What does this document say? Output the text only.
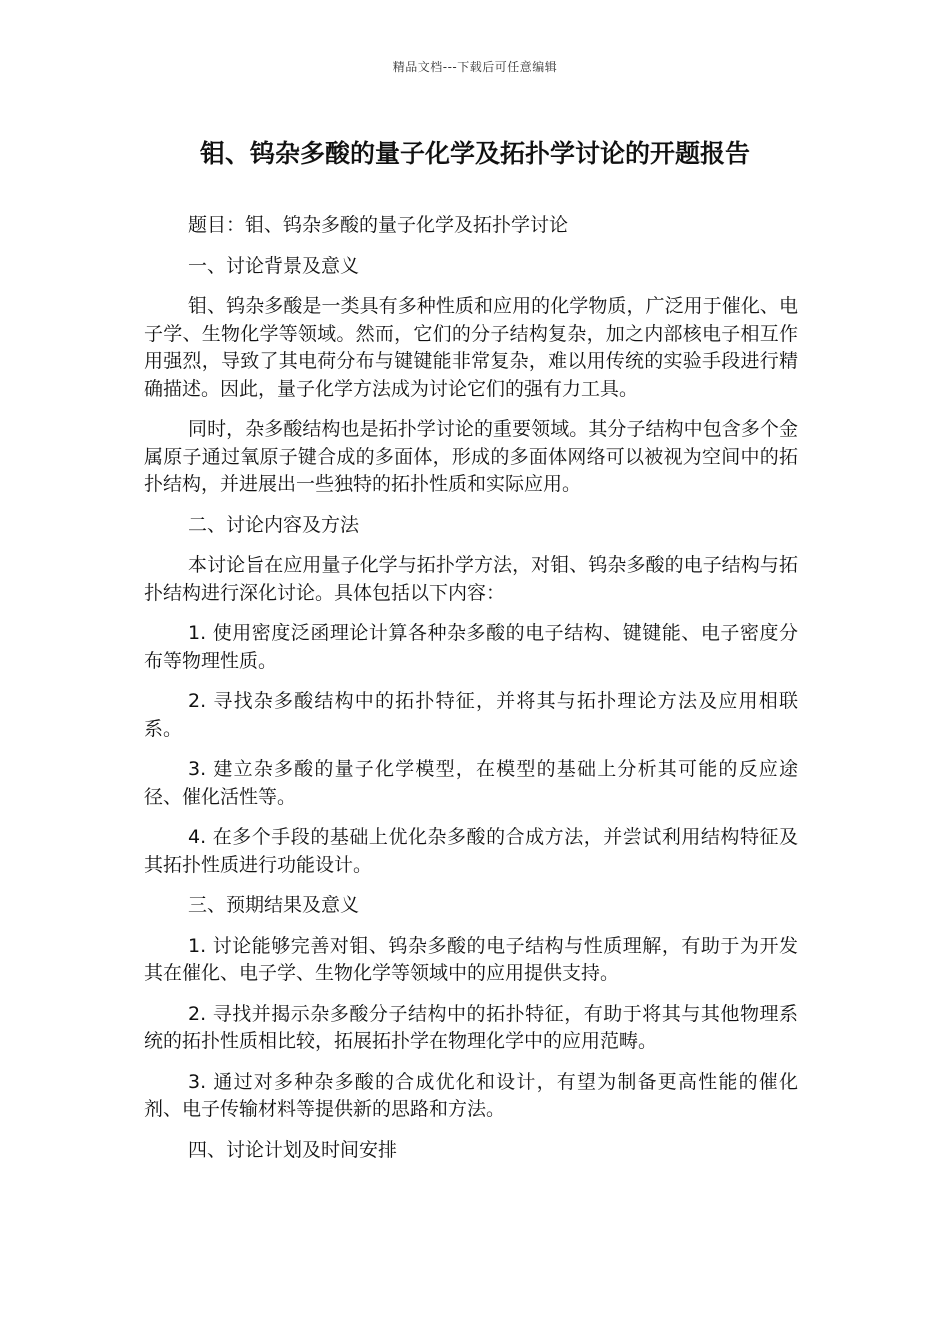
精品文档---下载后可任意编辑
钼、钨杂多酸的量子化学及拓扑学讨论的开题报告

题目：钼、钨杂多酸的量子化学及拓扑学讨论

一、讨论背景及意义

钼、钨杂多酸是一类具有多种性质和应用的化学物质，广泛用于催化、电子学、生物化学等领域。然而，它们的分子结构复杂，加之内部核电子相互作用强烈，导致了其电荷分布与键键能非常复杂，难以用传统的实验手段进行精确描述。因此，量子化学方法成为讨论它们的强有力工具。

同时，杂多酸结构也是拓扑学讨论的重要领域。其分子结构中包含多个金属原子通过氧原子键合成的多面体，形成的多面体网络可以被视为空间中的拓扑结构，并进展出一些独特的拓扑性质和实际应用。

二、讨论内容及方法

本讨论旨在应用量子化学与拓扑学方法，对钼、钨杂多酸的电子结构与拓扑结构进行深化讨论。具体包括以下内容：

1. 使用密度泛函理论计算各种杂多酸的电子结构、键键能、电子密度分布等物理性质。

2. 寻找杂多酸结构中的拓扑特征，并将其与拓扑理论方法及应用相联系。

3. 建立杂多酸的量子化学模型，在模型的基础上分析其可能的反应途径、催化活性等。

4. 在多个手段的基础上优化杂多酸的合成方法，并尝试利用结构特征及其拓扑性质进行功能设计。

三、预期结果及意义

1. 讨论能够完善对钼、钨杂多酸的电子结构与性质理解，有助于为开发其在催化、电子学、生物化学等领域中的应用提供支持。

2. 寻找并揭示杂多酸分子结构中的拓扑特征，有助于将其与其他物理系统的拓扑性质相比较，拓展拓扑学在物理化学中的应用范畴。

3. 通过对多种杂多酸的合成优化和设计，有望为制备更高性能的催化剂、电子传输材料等提供新的思路和方法。

四、讨论计划及时间安排
